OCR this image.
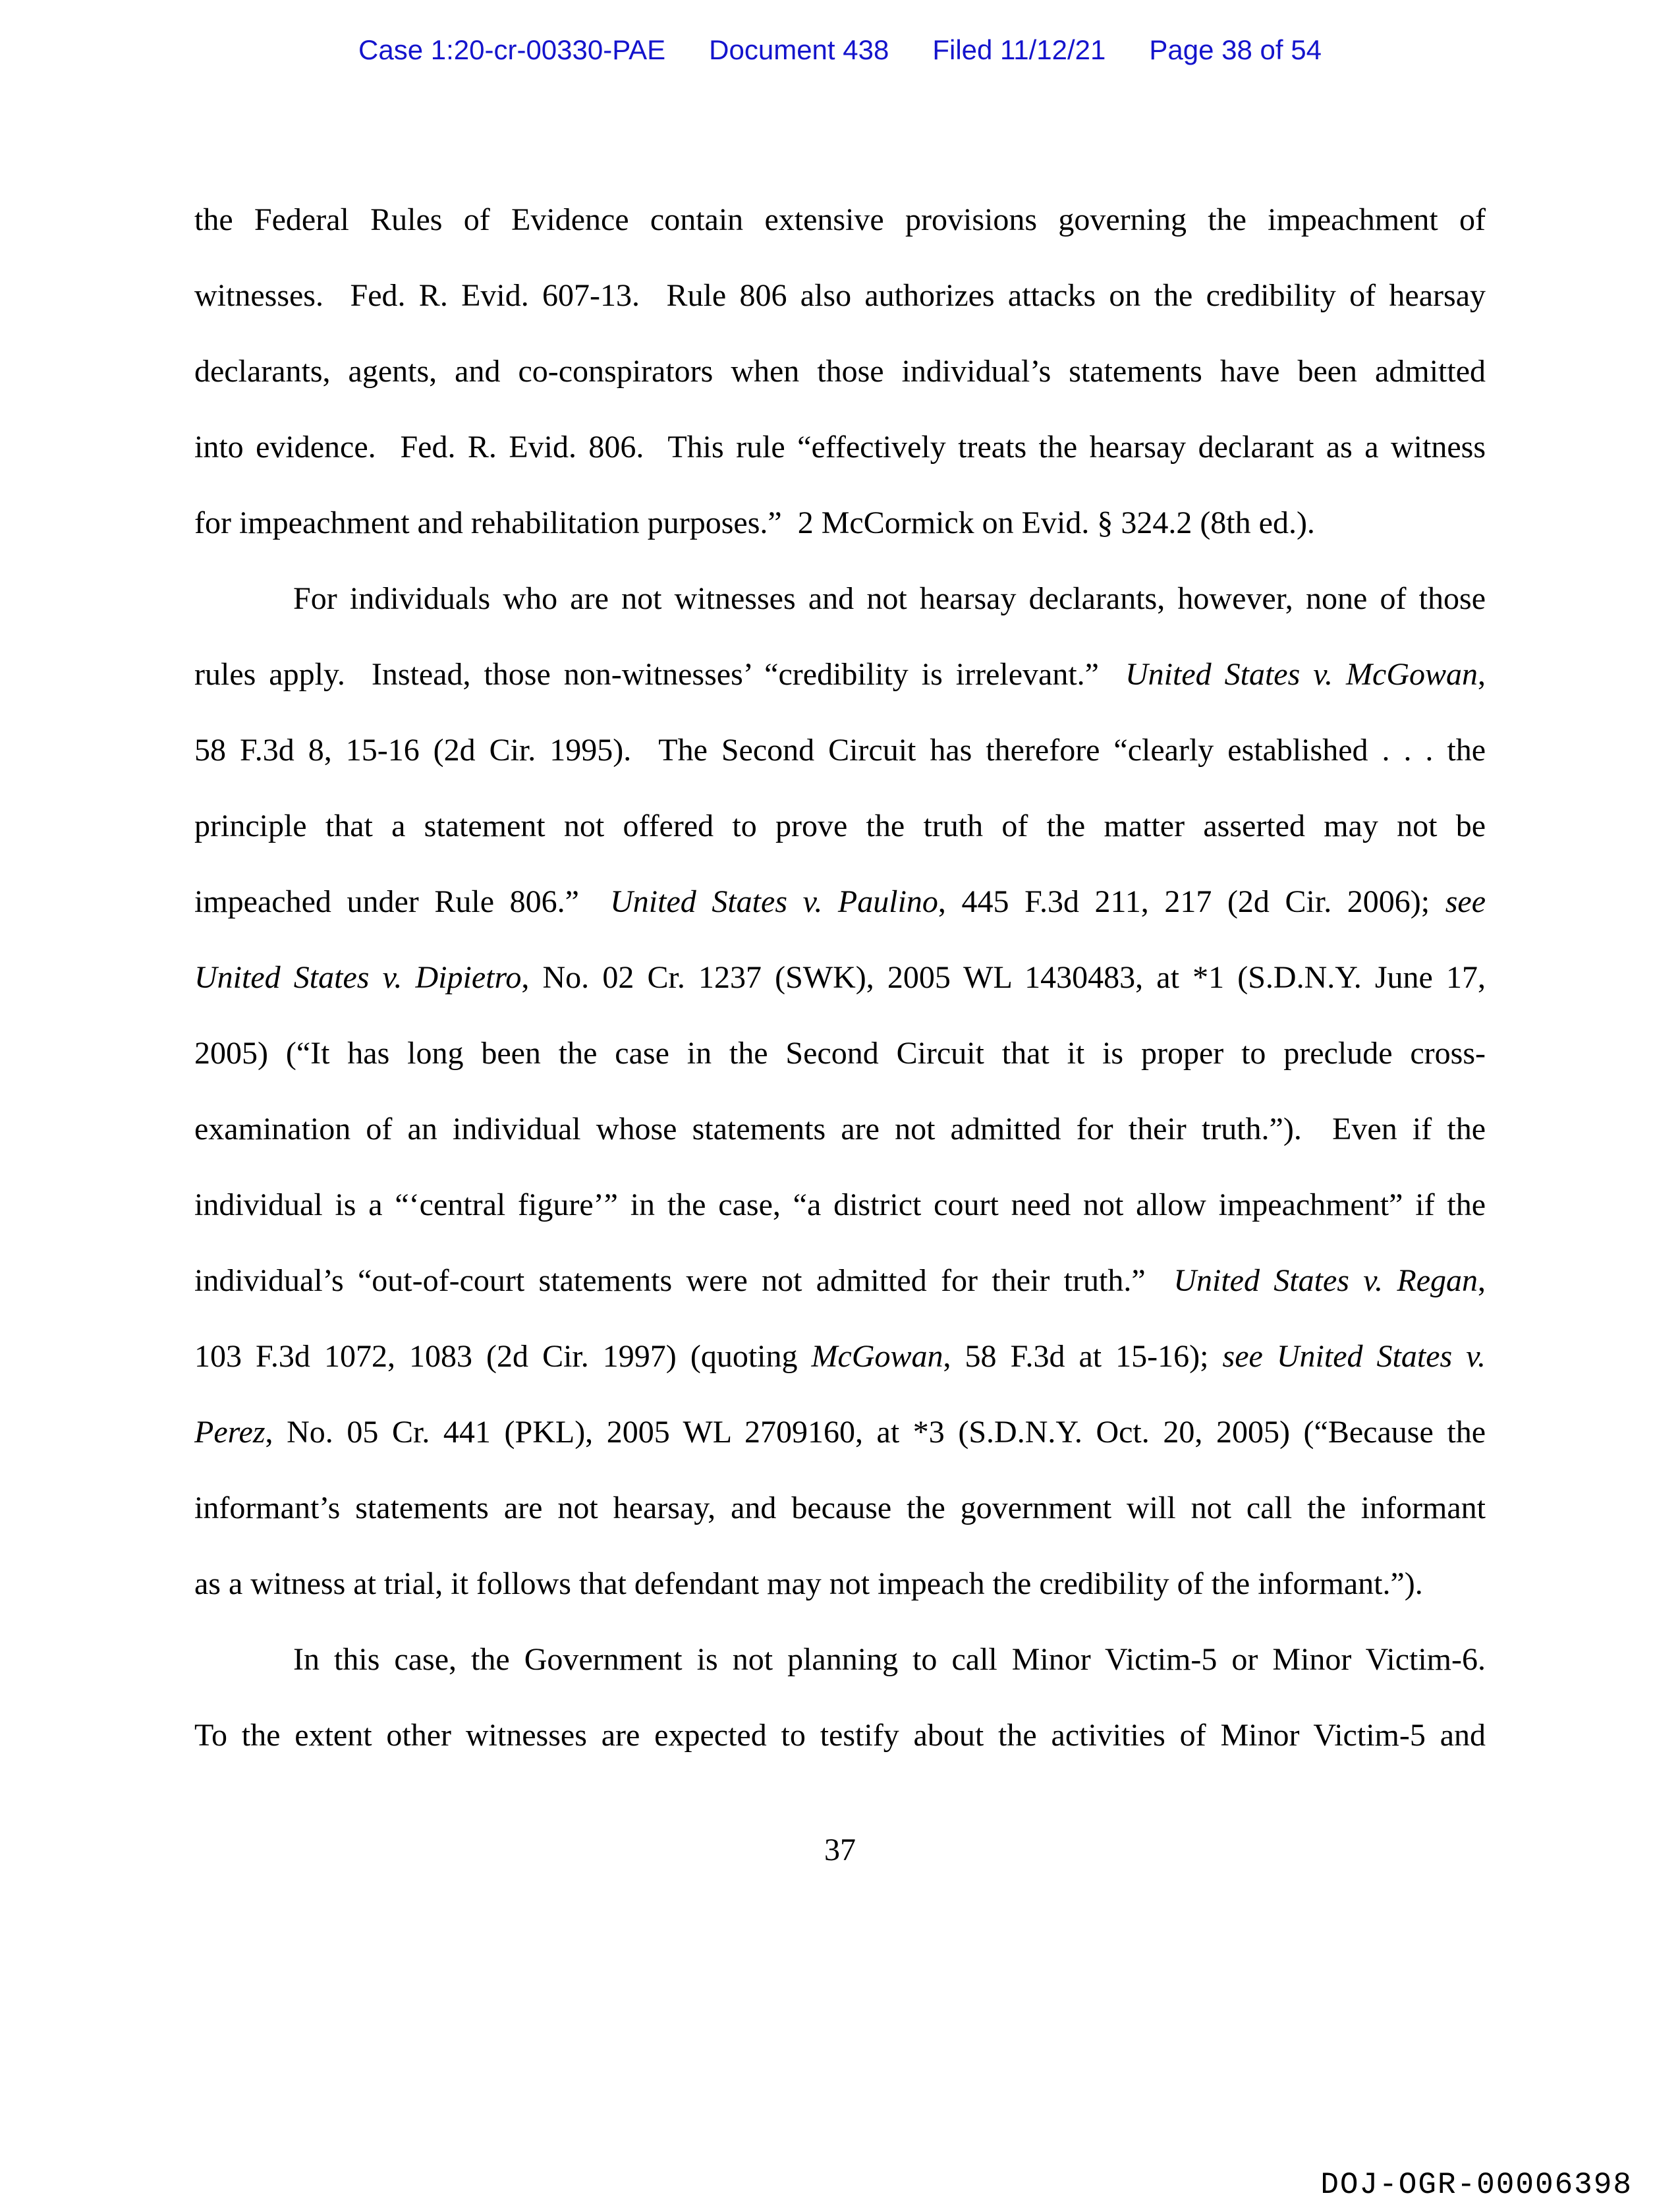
Case 1:20-cr-00330-PAE Document 438 Filed 11/12/21 Page 38 of 54
the Federal Rules of Evidence contain extensive provisions governing the impeachment of
witnesses.  Fed. R. Evid. 607-13.  Rule 806 also authorizes attacks on the credibility of hearsay
declarants, agents, and co-conspirators when those individual’s statements have been admitted
into evidence.  Fed. R. Evid. 806.  This rule “effectively treats the hearsay declarant as a witness
for impeachment and rehabilitation purposes.”  2 McCormick on Evid. § 324.2 (8th ed.).
For individuals who are not witnesses and not hearsay declarants, however, none of those
rules apply.  Instead, those non-witnesses’ “credibility is irrelevant.”  United States v. McGowan,
58 F.3d 8, 15-16 (2d Cir. 1995).  The Second Circuit has therefore “clearly established . . . the
principle that a statement not offered to prove the truth of the matter asserted may not be
impeached under Rule 806.”  United States v. Paulino, 445 F.3d 211, 217 (2d Cir. 2006); see
United States v. Dipietro, No. 02 Cr. 1237 (SWK), 2005 WL 1430483, at *1 (S.D.N.Y. June 17,
2005) (“It has long been the case in the Second Circuit that it is proper to preclude cross-
examination of an individual whose statements are not admitted for their truth.”).  Even if the
individual is a “‘central figure’” in the case, “a district court need not allow impeachment” if the
individual’s “out-of-court statements were not admitted for their truth.”  United States v. Regan,
103 F.3d 1072, 1083 (2d Cir. 1997) (quoting McGowan, 58 F.3d at 15-16); see United States v.
Perez, No. 05 Cr. 441 (PKL), 2005 WL 2709160, at *3 (S.D.N.Y. Oct. 20, 2005) (“Because the
informant’s statements are not hearsay, and because the government will not call the informant
as a witness at trial, it follows that defendant may not impeach the credibility of the informant.”).
In this case, the Government is not planning to call Minor Victim-5 or Minor Victim-6.
To the extent other witnesses are expected to testify about the activities of Minor Victim-5 and
37
DOJ-OGR-00006398
